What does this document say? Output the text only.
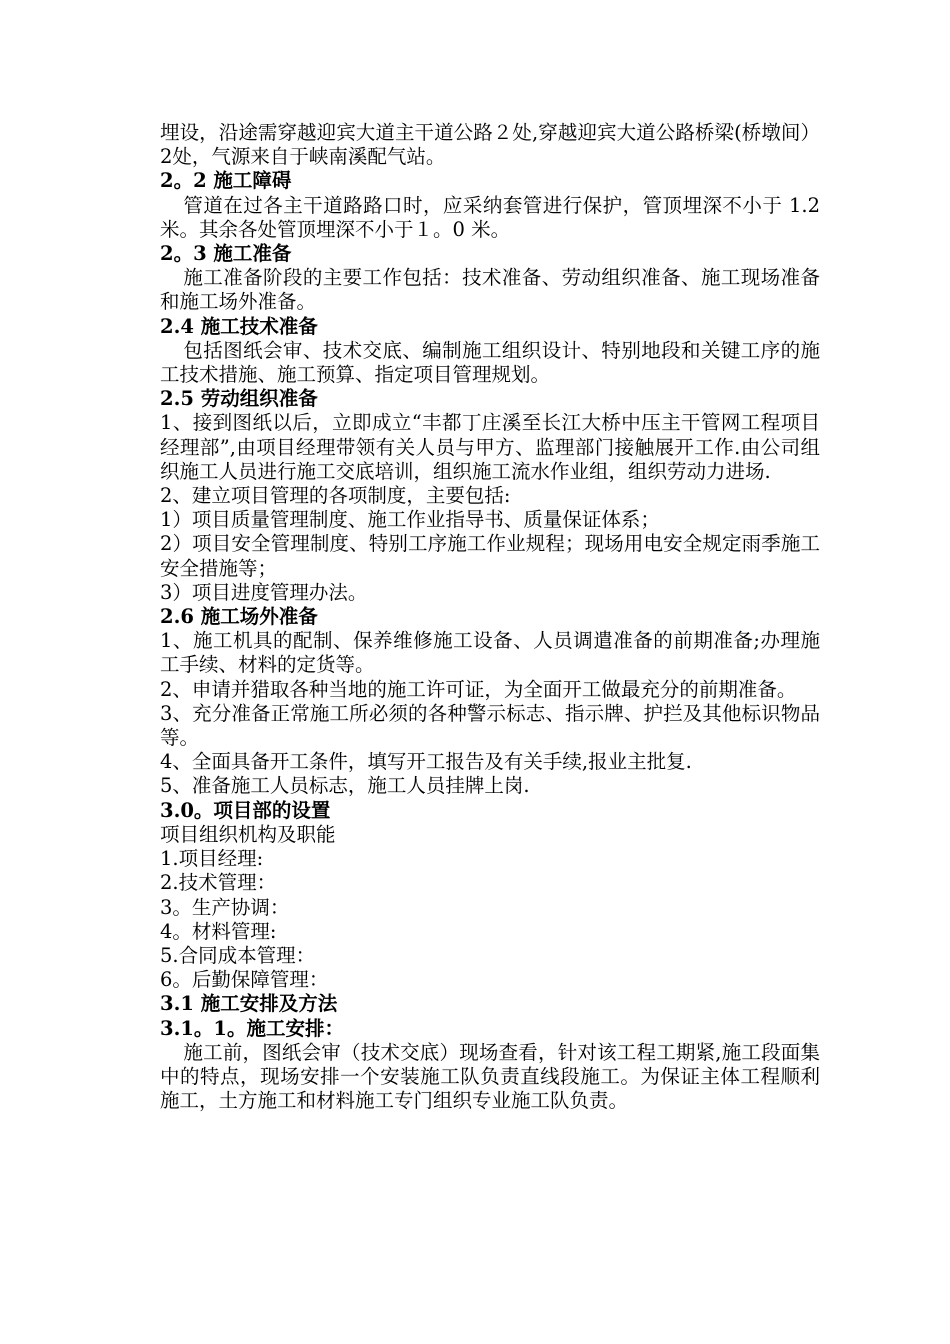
埋设，沿途需穿越迎宾大道主干道公路２处,穿越迎宾大道公路桥梁(桥墩间）2处，气源来自于峡南溪配气站。

2。2 施工障碍

管道在过各主干道路路口时，应采纳套管进行保护，管顶埋深不小于 1.2 米。其余各处管顶埋深不小于１。0 米。

2。3 施工准备

施工准备阶段的主要工作包括：技术准备、劳动组织准备、施工现场准备和施工场外准备。

2.4 施工技术准备

包括图纸会审、技术交底、编制施工组织设计、特别地段和关键工序的施工技术措施、施工预算、指定项目管理规划。

2.5 劳动组织准备

1、接到图纸以后，立即成立“丰都丁庄溪至长江大桥中压主干管网工程项目经理部”,由项目经理带领有关人员与甲方、监理部门接触展开工作.由公司组织施工人员进行施工交底培训，组织施工流水作业组，组织劳动力进场.

2、建立项目管理的各项制度，主要包括:

1）项目质量管理制度、施工作业指导书、质量保证体系；

2）项目安全管理制度、特别工序施工作业规程；现场用电安全规定雨季施工安全措施等；

3）项目进度管理办法。

2.6 施工场外准备

1、施工机具的配制、保养维修施工设备、人员调遣准备的前期准备;办理施工手续、材料的定货等。

2、申请并猎取各种当地的施工许可证，为全面开工做最充分的前期准备。

3、充分准备正常施工所必须的各种警示标志、指示牌、护拦及其他标识物品等。

4、全面具备开工条件，填写开工报告及有关手续,报业主批复.

5、准备施工人员标志，施工人员挂牌上岗.

3.0。项目部的设置

项目组织机构及职能

1.项目经理:

2.技术管理：

3。生产协调：

4。材料管理:

5.合同成本管理：

6。后勤保障管理：

3.1 施工安排及方法

3.1。1。施工安排：

施工前，图纸会审（技术交底）现场查看，针对该工程工期紧,施工段面集中的特点，现场安排一个安装施工队负责直线段施工。为保证主体工程顺利施工，土方施工和材料施工专门组织专业施工队负责。
